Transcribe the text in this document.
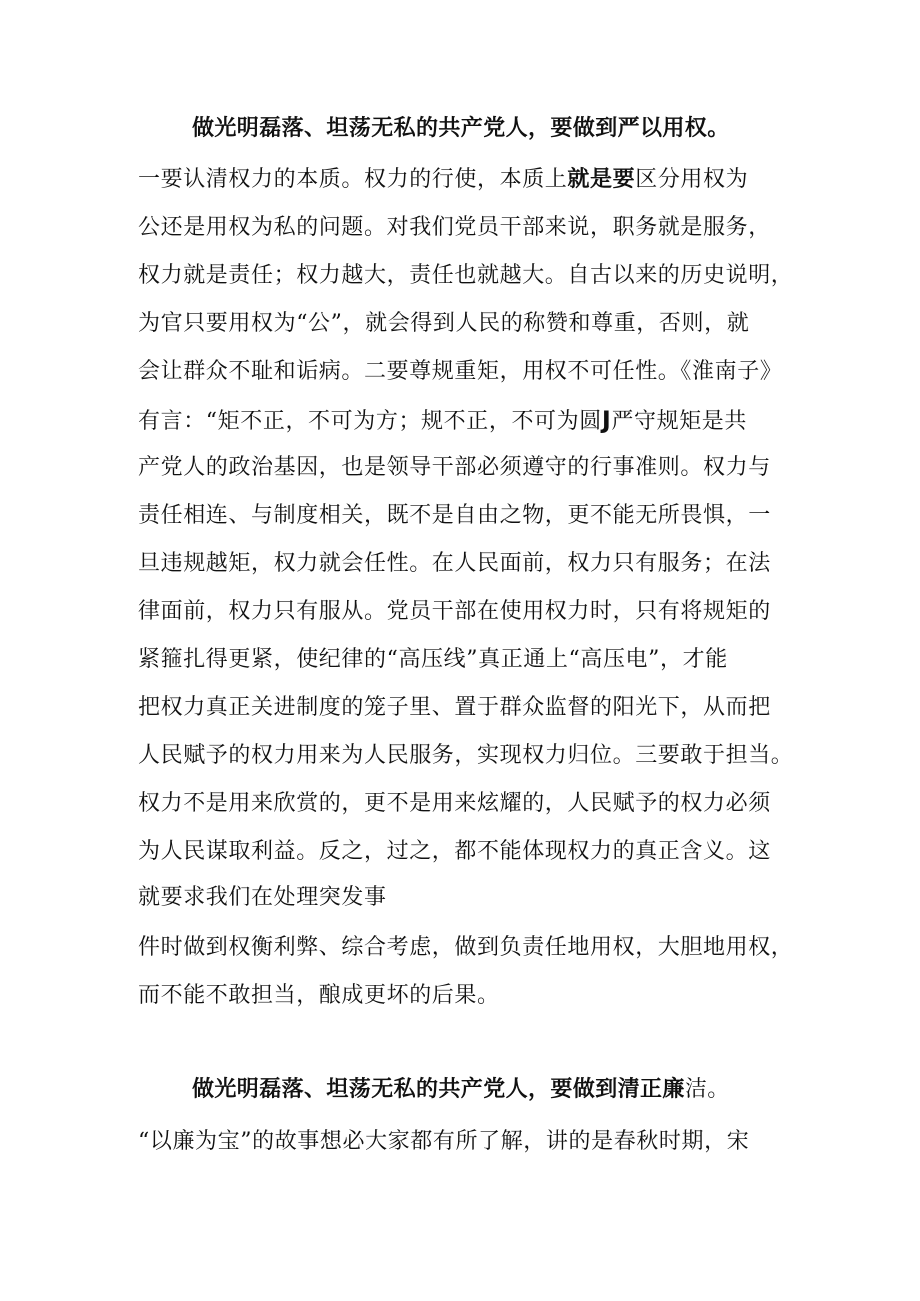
做光明磊落、坦荡无私的共产党人，要做到严以用权。
一要认清权力的本质。权力的行使，本质上就是要区分用权为
公还是用权为私的问题。对我们党员干部来说，职务就是服务，
权力就是责任；权力越大，责任也就越大。自古以来的历史说明，
为官只要用权为“公”，就会得到人民的称赞和尊重，否则，就
会让群众不耻和诟病。二要尊规重矩，用权不可任性。《淮南子》
有言：“矩不正，不可为方；规不正，不可为圆J严守规矩是共
产党人的政治基因，也是领导干部必须遵守的行事准则。权力与
责任相连、与制度相关，既不是自由之物，更不能无所畏惧，一
旦违规越矩，权力就会任性。在人民面前，权力只有服务；在法
律面前，权力只有服从。党员干部在使用权力时，只有将规矩的
紧箍扎得更紧，使纪律的“高压线”真正通上“高压电”，才能
把权力真正关进制度的笼子里、置于群众监督的阳光下，从而把
人民赋予的权力用来为人民服务，实现权力归位。三要敢于担当。
权力不是用来欣赏的，更不是用来炫耀的，人民赋予的权力必须
为人民谋取利益。反之，过之，都不能体现权力的真正含义。这
就要求我们在处理突发事
件时做到权衡利弊、综合考虑，做到负责任地用权，大胆地用权，
而不能不敢担当，酿成更坏的后果。
做光明磊落、坦荡无私的共产党人，要做到清正廉洁。
“以廉为宝”的故事想必大家都有所了解，讲的是春秋时期，宋
